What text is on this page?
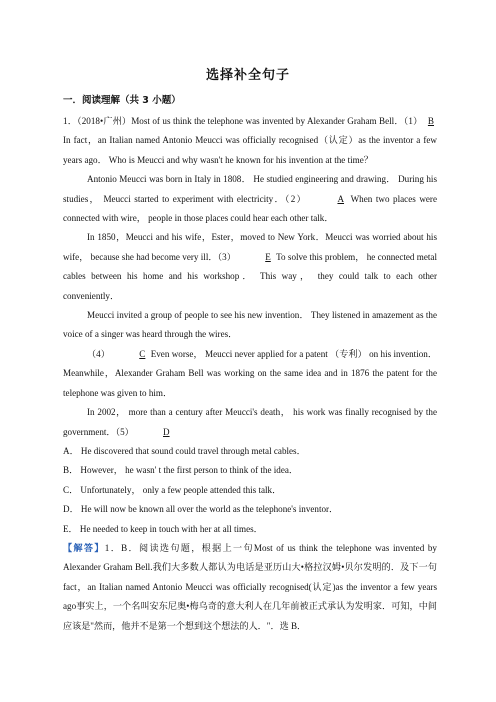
选择补全句子
一．阅读理解（共 3 小题）

1．（2018•广州）Most of us think the telephone was invented by Alexander Graham Bell．（1） B In fact，an Italian named Antonio Meucci was officially recognised（认定）as the inventor a few years ago． Who is Meucci and why wasn't he known for his invention at the time？

Antonio Meucci was born in Italy in 1808． He studied engineering and drawing． During his studies， Meucci started to experiment with electricity．（2）	A When two places were connected with wire， people in those places could hear each other talk．

In 1850，Meucci and his wife，Ester，moved to New York．Meucci was worried about his wife， because she had become very ill．（3）	E To solve this problem， he connected metal cables between his home and his workshop． This way， they could talk to each other conveniently．

Meucci invited a group of people to see his new invention． They listened in amazement as the voice of a singer was heard through the wires．

（4）	C Even worse， Meucci never applied for a patent （专利） on his invention．Meanwhile，Alexander Graham Bell was working on the same idea and in 1876 the patent for the telephone was given to him．

In 2002， more than a century after Meucci's death， his work was finally recognised by the government．（5）	D

A． He discovered that sound could travel through metal cables．

B． However， he wasn' t the first person to think of the idea．

C． Unfortunately， only a few people attended this talk．

D． He will now be known all over the world as the telephone's inventor．

E． He needed to keep in touch with her at all times．

【解答】1．B．阅读选句题，根据上一句Most of us think the telephone was invented by Alexander Graham Bell.我们大多数人都认为电话是亚历山大•格拉汉姆•贝尔发明的．及下一句fact，an Italian named Antonio Meucci was officially recognised(认定)as the inventor a few years ago事实上，一个名叫安东尼奥•梅乌奇的意大利人在几年前被正式承认为发明家．可知，中间应该是"然而，他并不是第一个想到这个想法的人．"．选 B．
